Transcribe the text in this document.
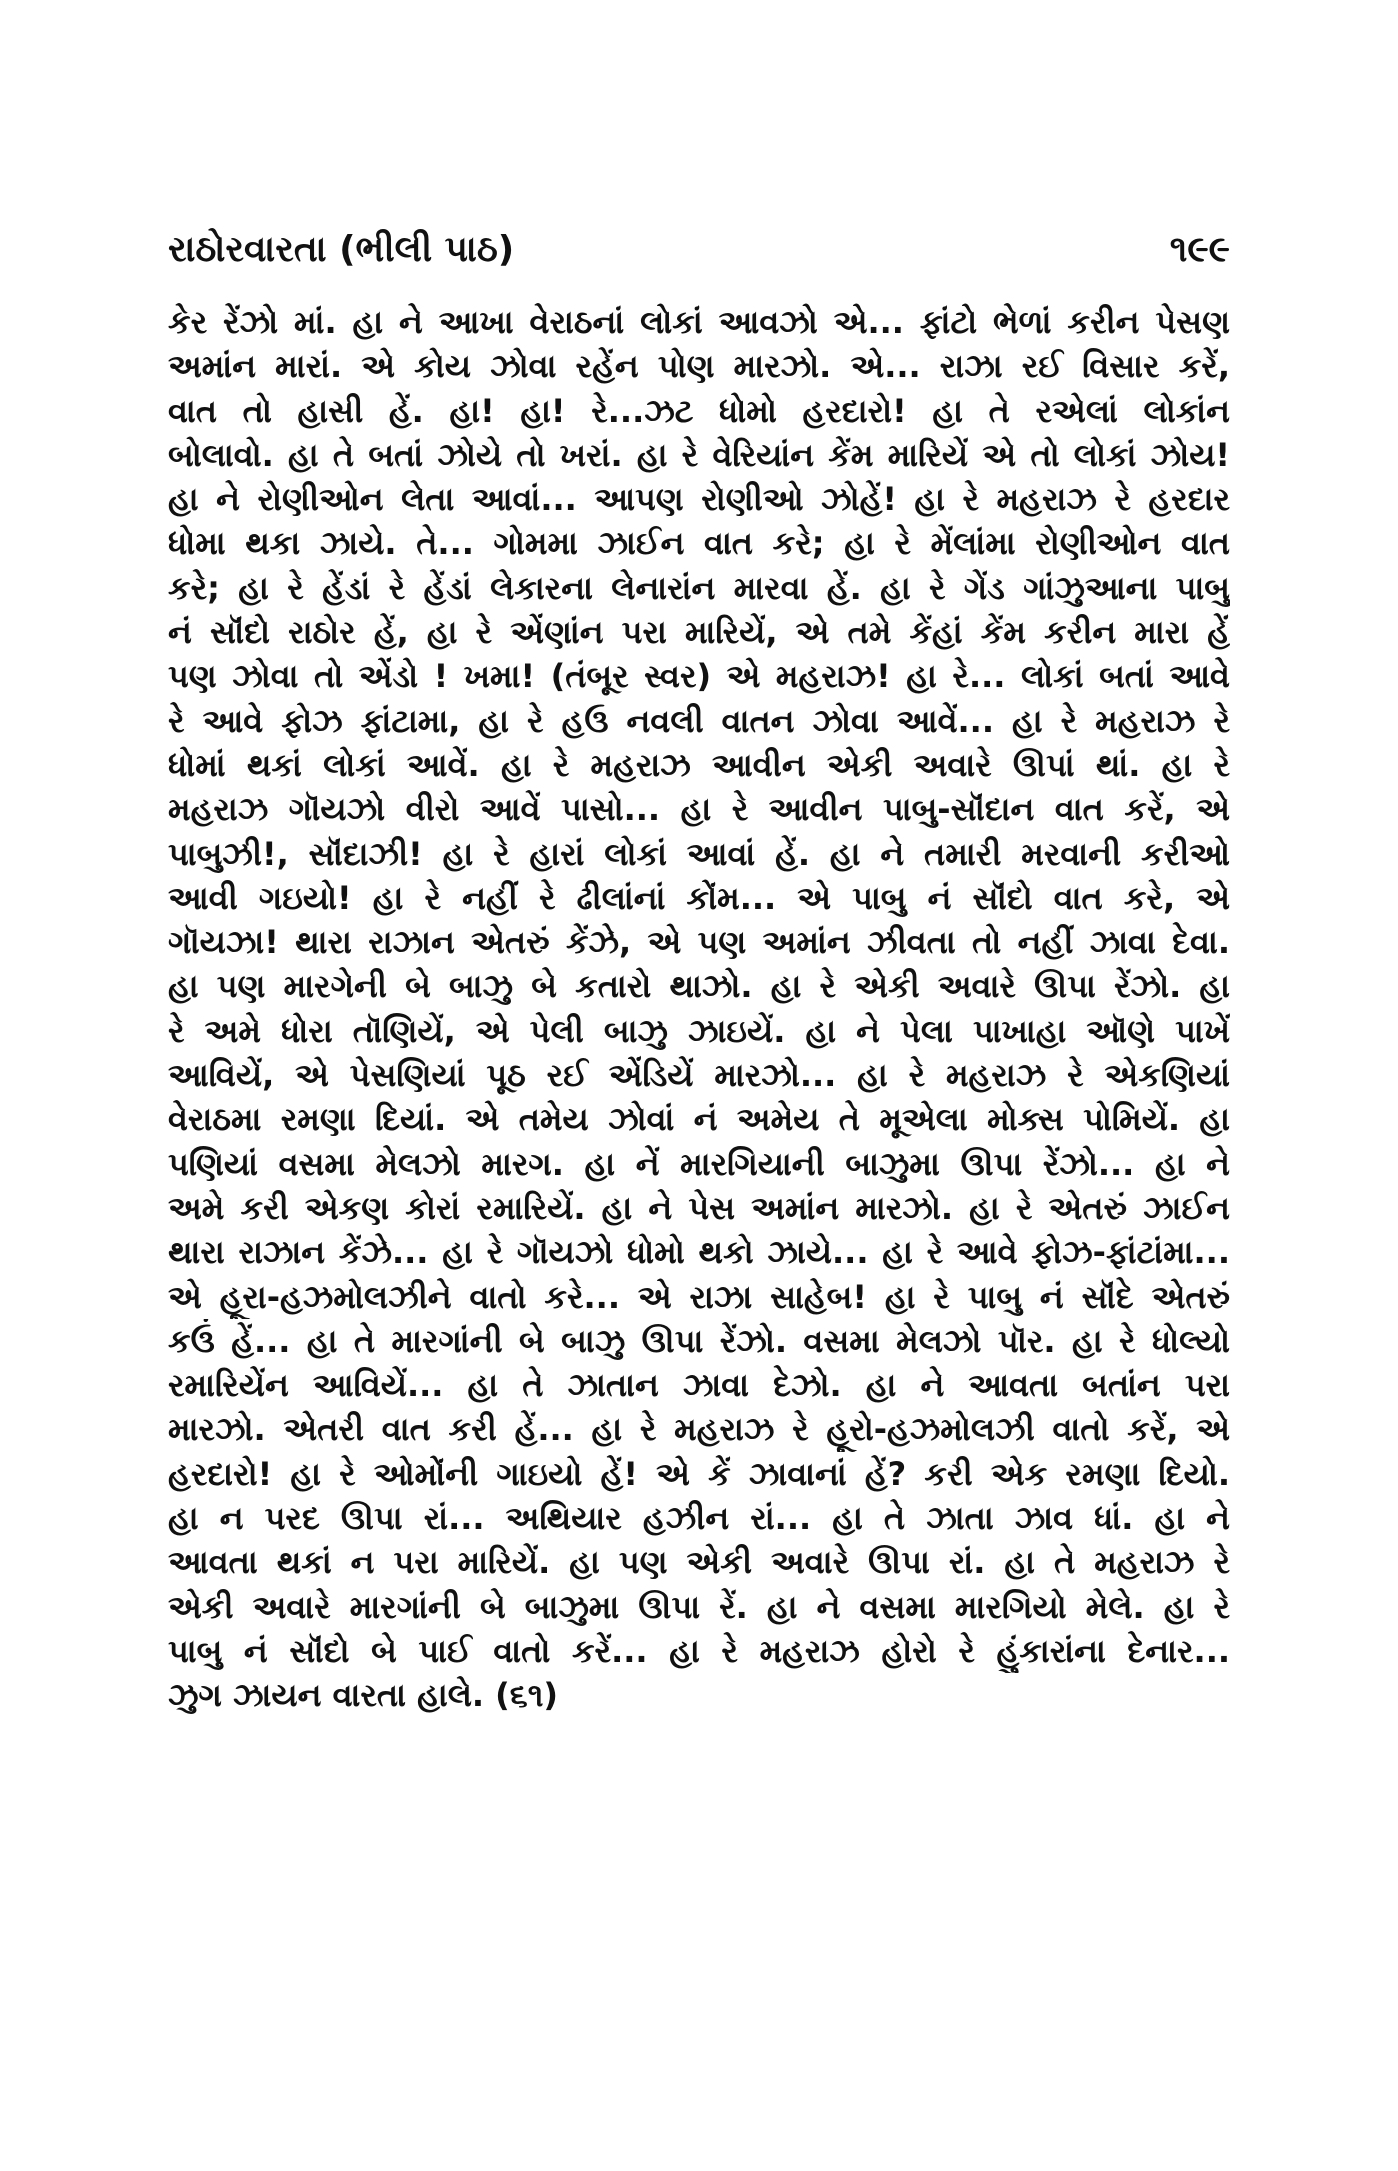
રાઠોરવારતા (ભીલી પાઠ)	૧૯૯
કેર રેંઝો માં. હા ને આખા વેરાઠનાં લોકાં આવઝો એ... ફાંટો ભેળાં કરીન પેસણ
અમાંન મારાં. એ કોય ઝોવા રહેંન પોણ મારઝો. એ... રાઝા રઈ વિસાર કરેં,
વાત તો હાસી હેં. હા! હા! રે...ઝટ ધોમો હરદારો! હા તે રએલાં લોકાંન
બોલાવો. હા તે બતાં ઝોયે તો ખરાં. હા રે વેરિયાંન કેંમ મારિયેં એ તો લોકાં ઝોય!
હા ને રોણીઓન લેતા આવાં... આપણ રોણીઓ ઝોહેં! હા રે મહરાઝ રે હરદાર
ધોમા થકા ઝાયે. તે... ગોમમા ઝાઈન વાત કરે; હા રે મેંલાંમા રોણીઓન વાત
કરે; હા રે હેંડાં રે હેંડાં લેકારના લેનારાંન મારવા હેં. હા રે ગેંડ ગાંઝુઆના પાબુ
નં સૉંદો રાઠોર હેં, હા રે એંણાંન પરા મારિયેં, એ તમે કેંહાં કેંમ કરીન મારા હેં
પણ ઝોવા તો એંડો ! ખમા! (તંબૂર સ્વર) એ મહરાઝ! હા રે... લોકાં બતાં આવે
રે આવે ફોઝ ફાંટામા, હા રે હઉ નવલી વાતન ઝોવા આવેં... હા રે મહરાઝ રે
ધોમાં થકાં લોકાં આવેં. હા રે મહરાઝ આવીન એકી અવારે ઊપાં થાં. હા રે
મહરાઝ ગૉયઝો વીરો આવેં પાસો... હા રે આવીન પાબુ-સૉંદાન વાત કરેં, એ
પાબુઝી!, સૉંદાઝી! હા રે હારાં લોકાં આવાં હેં. હા ને તમારી મરવાની કરીઓ
આવી ગઇયો! હા રે નહીં રે ઢીલાંનાં કોંમ... એ પાબુ નં સૉંદો વાત કરે, એ
ગૉયઝા! થારા રાઝાન એતરું કેંઝે, એ પણ અમાંન ઝીવતા તો નહીં ઝાવા દેવા.
હા પણ મારગેની બે બાઝુ બે કતારો થાઝો. હા રે એકી અવારે ઊપા રેંઝો. હા
રે અમે ધોરા તૉણિયેં, એ પેલી બાઝુ ઝાઇયેં. હા ને પેલા પાખાહા ઑણે પાખેં
આવિયેં, એ પેસણિયાં પૂઠ રઈ એંડિયેં મારઝો... હા રે મહરાઝ રે એકણિયાં
વેરાઠમા રમણા દિયાં. એ તમેય ઝોવાં નં અમેય તે મૂએલા મોક્સ પોમિયેં. હા
પણિયાં વસમા મેલઝો મારગ. હા નેં મારગિયાની બાઝુમા ઊપા રેંઝો... હા ને
અમે કરી એકણ કોરાં રમારિયેં. હા ને પેસ અમાંન મારઝો. હા રે એતરું ઝાઈન
થારા રાઝાન કેંઝે... હા રે ગૉયઝો ધોમો થકો ઝાયે... હા રે આવે ફોઝ-ફાંટાંમા...
એ હૂરા-હઝમોલઝીને વાતો કરે... એ રાઝા સાહેબ! હા રે પાબુ નં સૉંદે એતરું
કઉં હેં... હા તે મારગાંની બે બાઝુ ઊપા રેંઝો. વસમા મેલઝો પૉર. હા રે ધોલ્યો
રમારિયેંન આવિયેં... હા તે ઝાતાન ઝાવા દેઝો. હા ને આવતા બતાંન પરા
મારઝો. એતરી વાત કરી હેં... હા રે મહરાઝ રે હૂરો-હઝમોલઝી વાતો કરેં, એ
હરદારો! હા રે ઓમોંની ગાઇયો હેં! એ કેં ઝાવાનાં હેં? કરી એક રમણા દિયો.
હા ન પરદ ઊપા રાં... અથિયાર હઝીન રાં... હા તે ઝાતા ઝાવ ધાં. હા ને
આવતા થકાં ન પરા મારિયેં. હા પણ એકી અવારે ઊપા રાં. હા તે મહરાઝ રે
એકી અવારે મારગાંની બે બાઝુમા ઊપા રેં. હા ને વસમા મારગિયો મેલે. હા રે
પાબુ નં સૉંદો બે પાઈ વાતો કરેં... હા રે મહરાઝ હોરો રે હુંકારાંના દેનાર...
ઝુગ ઝાયન વારતા હાલે. (૬૧)
